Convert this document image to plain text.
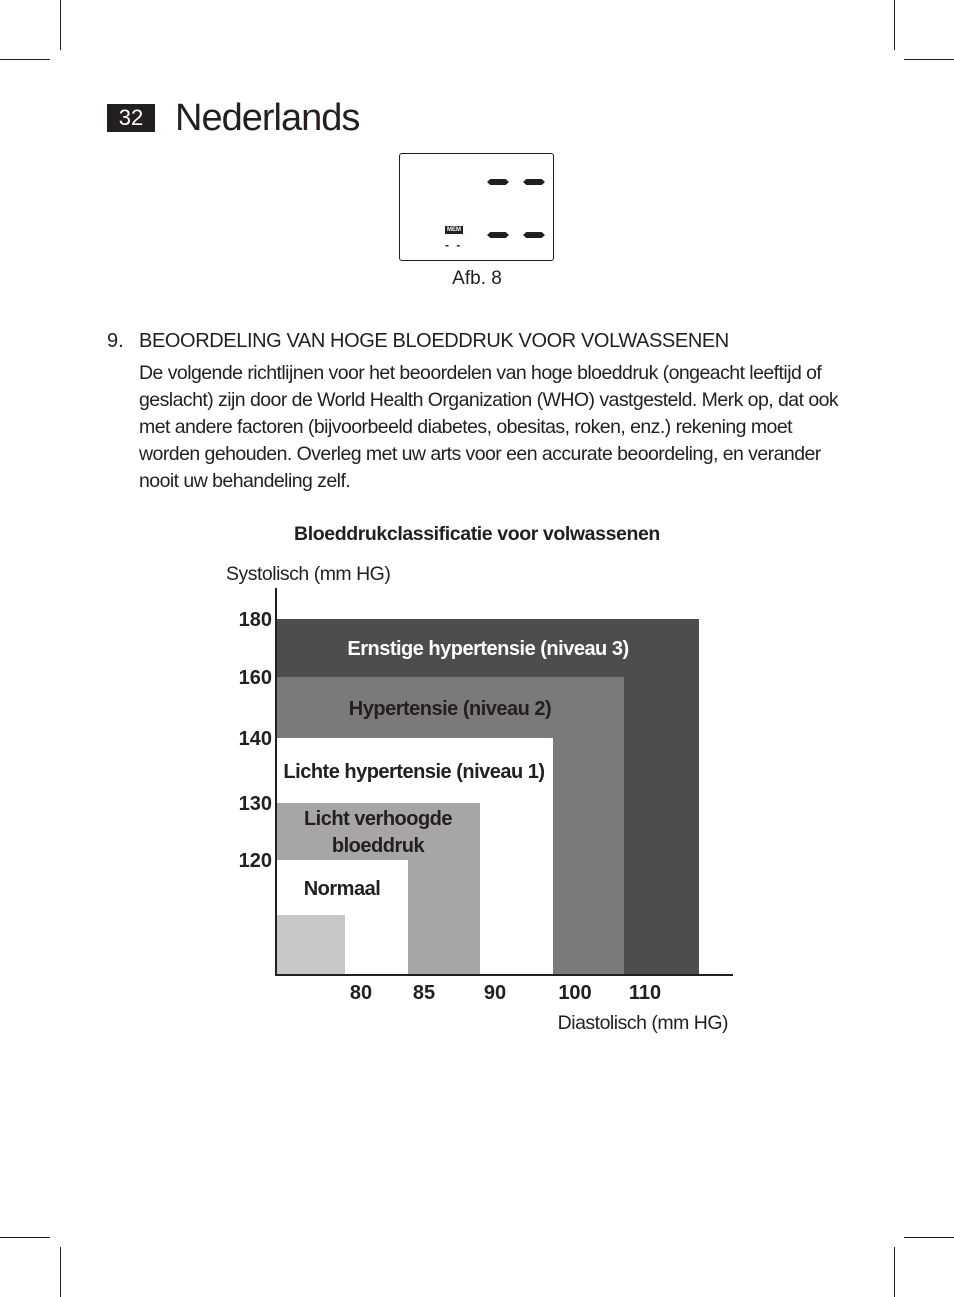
32 Nederlands
MEM
- -
Afb. 8
9. BEOORDELING VAN HOGE BLOEDDRUK VOOR VOLWASSENEN

De volgende richtlijnen voor het beoordelen van hoge bloeddruk (ongeacht leeftijd of geslacht) zijn door de World Health Organization (WHO) vastgesteld. Merk op, dat ook met andere factoren (bijvoorbeeld diabetes, obesitas, roken, enz.) rekening moet worden gehouden. Overleg met uw arts voor een accurate beoordeling, en verander nooit uw behandeling zelf.

Bloeddrukclassificatie voor volwassenen
Ernstige hypertensie (niveau 3)
Hypertensie (niveau 2)
Lichte hypertensie (niveau 1)
Licht verhoogde
bloeddruk
Normaal
180
160
140
130
120
80 85 90	100 110
Systolisch (mm HG)
Diastolisch (mm HG)
